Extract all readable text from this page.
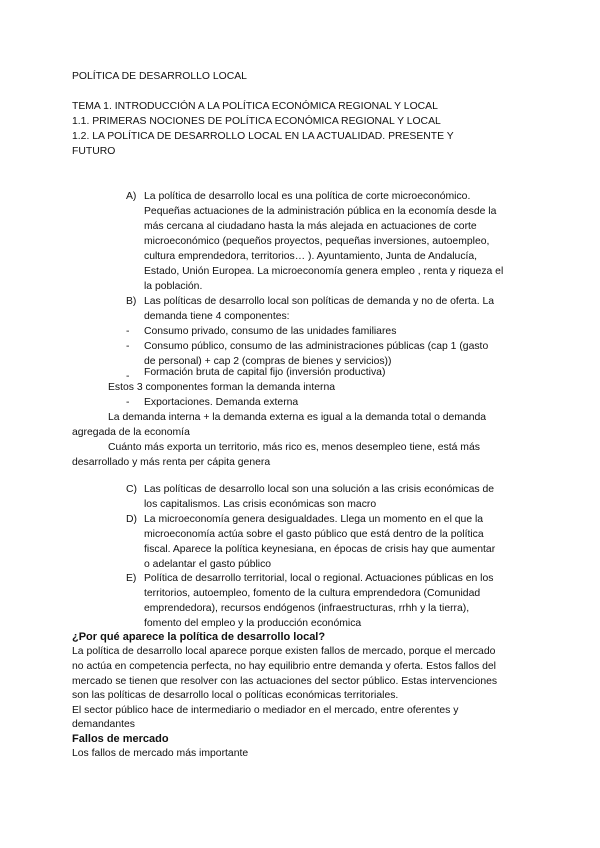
POLÍTICA DE DESARROLLO LOCAL
TEMA 1. INTRODUCCIÓN A LA POLÍTICA ECONÓMICA REGIONAL Y LOCAL
1.1. PRIMERAS NOCIONES DE POLÍTICA ECONÓMICA REGIONAL Y LOCAL
1.2. LA POLÍTICA DE DESARROLLO LOCAL EN LA ACTUALIDAD. PRESENTE Y
FUTURO
A) La política de desarrollo local es una política de corte microeconómico.
Pequeñas actuaciones de la administración pública en la economía desde la
más cercana al ciudadano hasta la más alejada en actuaciones de corte
microeconómico (pequeños proyectos, pequeñas inversiones, autoempleo,
cultura emprendedora, territorios… ). Ayuntamiento, Junta de Andalucía,
Estado, Unión Europea. La microeconomía genera empleo , renta y riqueza el
la población.
B) Las políticas de desarrollo local son políticas de demanda y no de oferta. La
demanda tiene 4 componentes:
- Consumo privado, consumo de las unidades familiares
- Consumo público, consumo de las administraciones públicas (cap 1 (gasto
de personal) + cap 2 (compras de bienes y servicios))
- Formación bruta de capital fijo (inversión productiva)
Estos 3 componentes forman la demanda interna
- Exportaciones. Demanda externa
La demanda interna + la demanda externa es igual a la demanda total o demanda
agregada de la economía
Cuánto más exporta un territorio, más rico es, menos desempleo tiene, está más
desarrollado y más renta per cápita genera
C) Las políticas de desarrollo local son una solución a las crisis económicas de
los capitalismos. Las crisis económicas son macro
D) La microeconomía genera desigualdades. Llega un momento en el que la
microeconomía actúa sobre el gasto público que está dentro de la política
fiscal. Aparece la política keynesiana, en épocas de crisis hay que aumentar
o adelantar el gasto público
E) Política de desarrollo territorial, local o regional. Actuaciones públicas en los
territorios, autoempleo, fomento de la cultura emprendedora (Comunidad
emprendedora), recursos endógenos (infraestructuras, rrhh y la tierra),
fomento del empleo y la producción económica
¿Por qué aparece la política de desarrollo local?
La política de desarrollo local aparece porque existen fallos de mercado, porque el mercado
no actúa en competencia perfecta, no hay equilibrio entre demanda y oferta. Estos fallos del
mercado se tienen que resolver con las actuaciones del sector público. Estas intervenciones
son las políticas de desarrollo local o políticas económicas territoriales.
El sector público hace de intermediario o mediador en el mercado, entre oferentes y
demandantes
Fallos de mercado
Los fallos de mercado más importante
